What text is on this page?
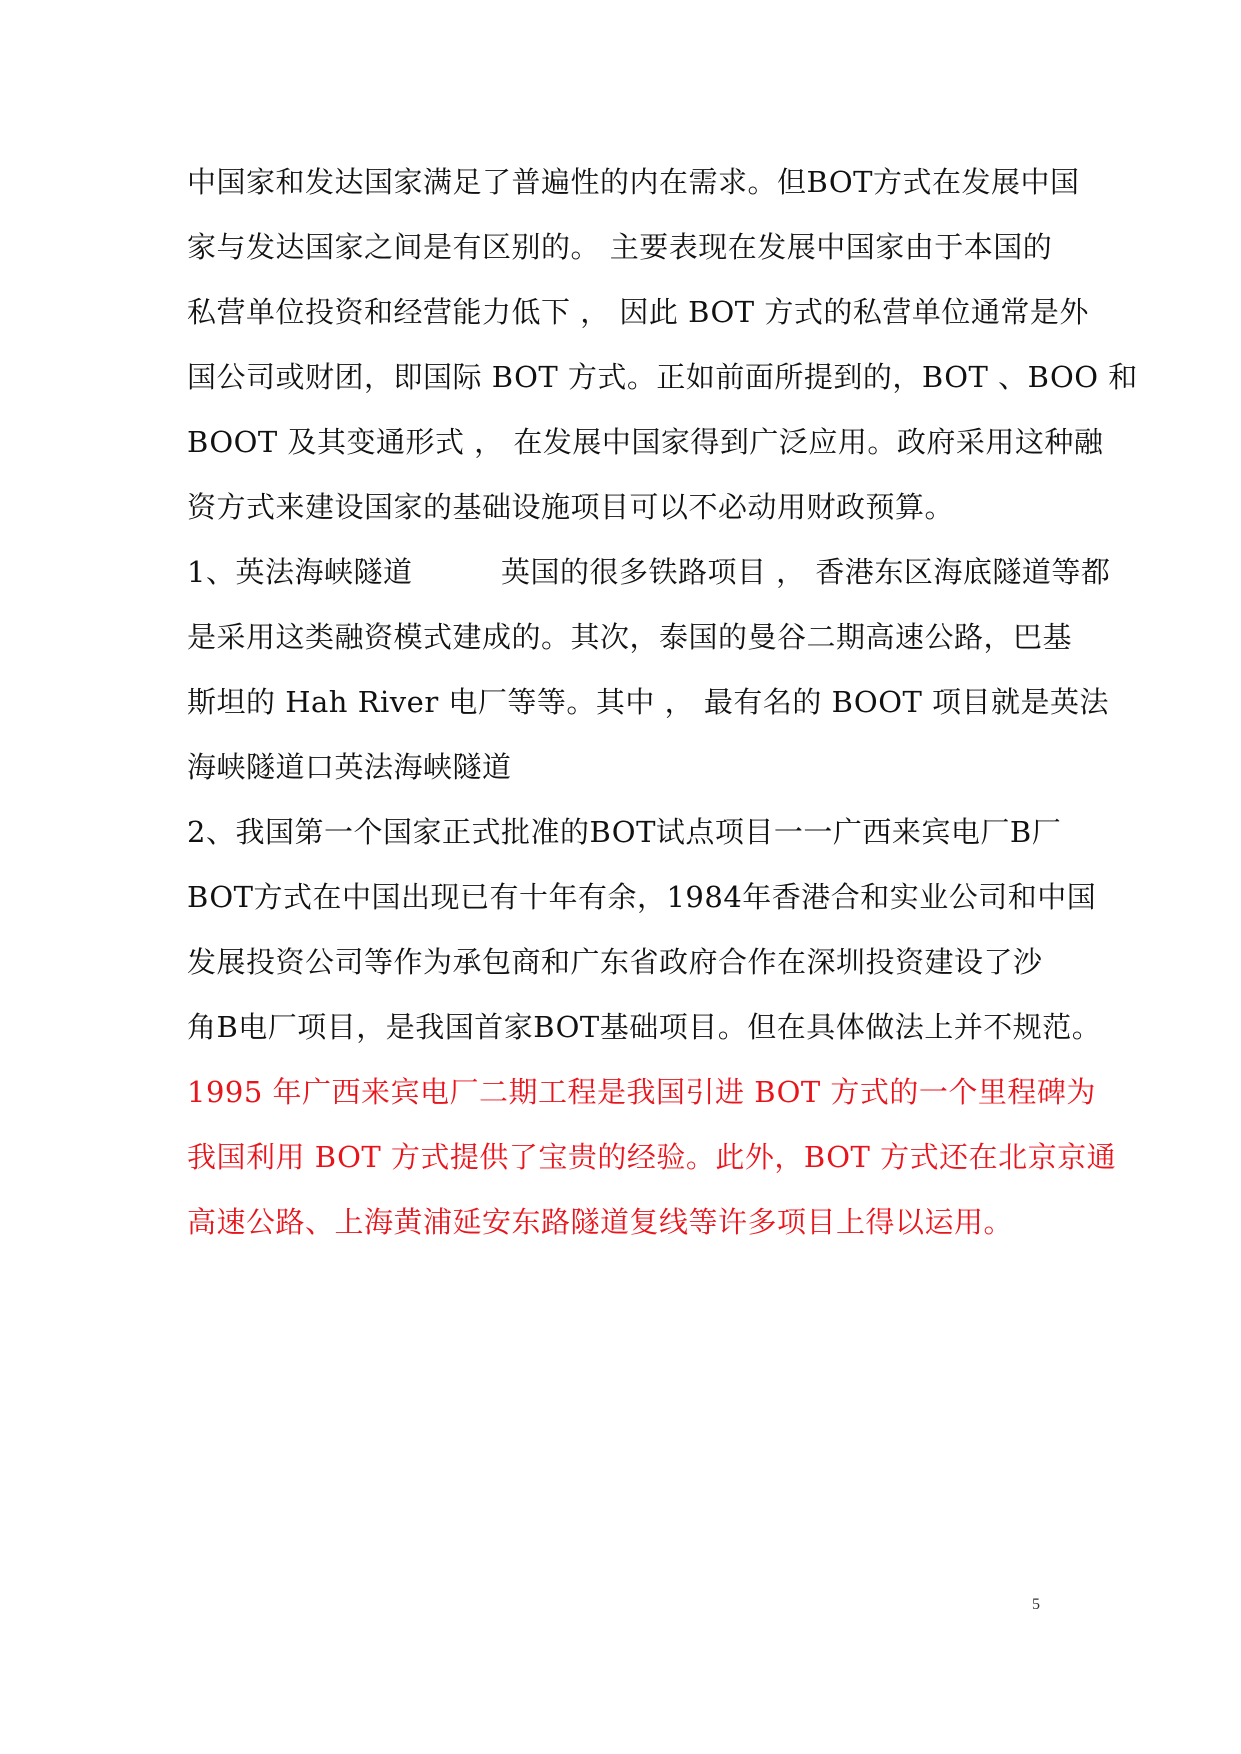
中国家和发达国家满足了普遍性的内在需求。但BOT方式在发展中国
家与发达国家之间是有区别的。 主要表现在发展中国家由于本国的
私营单位投资和经营能力低下 ， 因此 BOT 方式的私营单位通常是外
国公司或财团，即国际 BOT 方式。正如前面所提到的，BOT 、BOO 和
BOOT 及其变通形式 ， 在发展中国家得到广泛应用。政府采用这种融
资方式来建设国家的基础设施项目可以不必动用财政预算。
1、英法海峡隧道　　　英国的很多铁路项目 ， 香港东区海底隧道等都
是采用这类融资模式建成的。其次，泰国的曼谷二期高速公路，巴基
斯坦的 Hah River 电厂等等。其中 ， 最有名的 BOOT 项目就是英法
海峡隧道口英法海峡隧道
2、我国第一个国家正式批准的BOT试点项目一一广西来宾电厂B厂
BOT方式在中国出现已有十年有余，1984年香港合和实业公司和中国
发展投资公司等作为承包商和广东省政府合作在深圳投资建设了沙
角B电厂项目，是我国首家BOT基础项目。但在具体做法上并不规范。
1995 年广西来宾电厂二期工程是我国引进 BOT 方式的一个里程碑为
我国利用 BOT 方式提供了宝贵的经验。此外，BOT 方式还在北京京通
高速公路、上海黄浦延安东路隧道复线等许多项目上得以运用。
5
